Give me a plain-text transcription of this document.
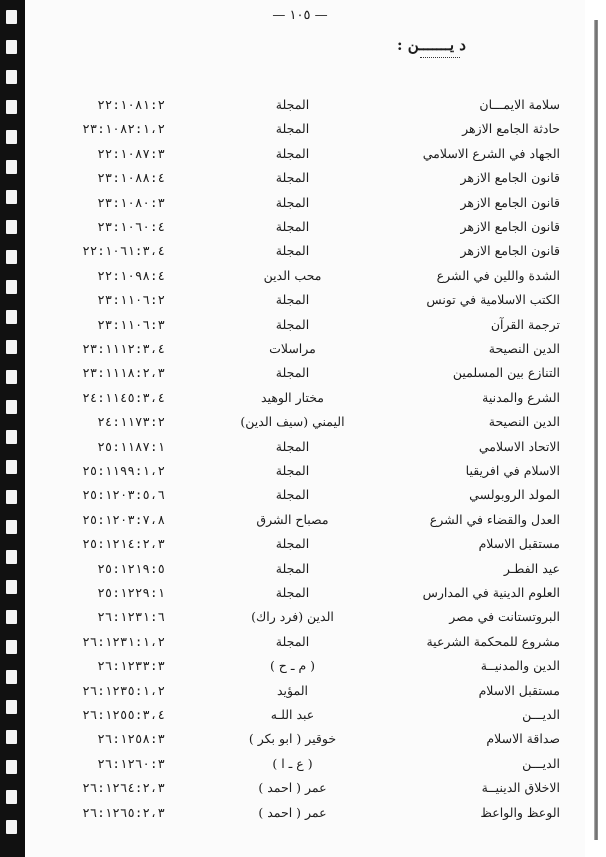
— ١٠٥ —
د يـــــــن :
سلامة الايمـــان
المجلة
٢٢:١٠٨١:٢
حادثة الجامع الازهر
المجلة
٢٣:١٠٨٢:١،٢
الجهاد في الشرع الاسلامي
المجلة
٢٢:١٠٨٧:٣
قانون الجامع الازهر
المجلة
٢٣:١٠٨٨:٤
قانون الجامع الازهر
المجلة
٢٣:١٠٨٠:٣
قانون الجامع الازهر
المجلة
٢٣:١٠٦٠:٤
قانون الجامع الازهر
المجلة
٢٢:١٠٦١:٣،٤
الشدة واللين في الشرع
محب الدين
٢٢:١٠٩٨:٤
الكتب الاسلامية في تونس
المجلة
٢٣:١١٠٦:٢
ترجمة القرآن
المجلة
٢٣:١١٠٦:٣
الدين النصيحة
مراسلات
٢٣:١١١٢:٣،٤
التنازع بين المسلمين
المجلة
٢٣:١١١٨:٢،٣
الشرع والمدنية
مختار الوهيد
٢٤:١١٤٥:٣،٤
الدين النصيحة
اليمني (سيف الدين)
٢٤:١١٧٣:٢
الاتحاد الاسلامي
المجلة
٢٥:١١٨٧:١
الاسلام في افريقيا
المجلة
٢٥:١١٩٩:١،٢
المولد الروبولسي
المجلة
٢٥:١٢٠٣:٥،٦
العدل والقضاء في الشرع
مصباح الشرق
٢٥:١٢٠٣:٧،٨
مستقبل الاسلام
المجلة
٢٥:١٢١٤:٢،٣
عيد الفطـر
المجلة
٢٥:١٢١٩:٥
العلوم الدينية في المدارس
المجلة
٢٥:١٢٢٩:١
البروتستانت في مصر
الدين (فرد راك)
٢٦:١٢٣١:٦
مشروع للمحكمة الشرعية
المجلة
٢٦:١٢٣١:١،٢
الدين والمدنيــة
( م ـ ح )
٢٦:١٢٣٣:٣
مستقبل الاسلام
المؤيد
٢٦:١٢٣٥:١،٢
الديـــن
عبد اللـه
٢٦:١٢٥٥:٣،٤
صداقة الاسلام
خوقير ( ابو بكر )
٢٦:١٢٥٨:٣
الديـــن
( ع ـ ا )
٢٦:١٢٦٠:٣
الاخلاق الدينيــة
عمر ( احمد )
٢٦:١٢٦٤:٢،٣
الوعظ والواعظ
عمر ( احمد )
٢٦:١٢٦٥:٢،٣
